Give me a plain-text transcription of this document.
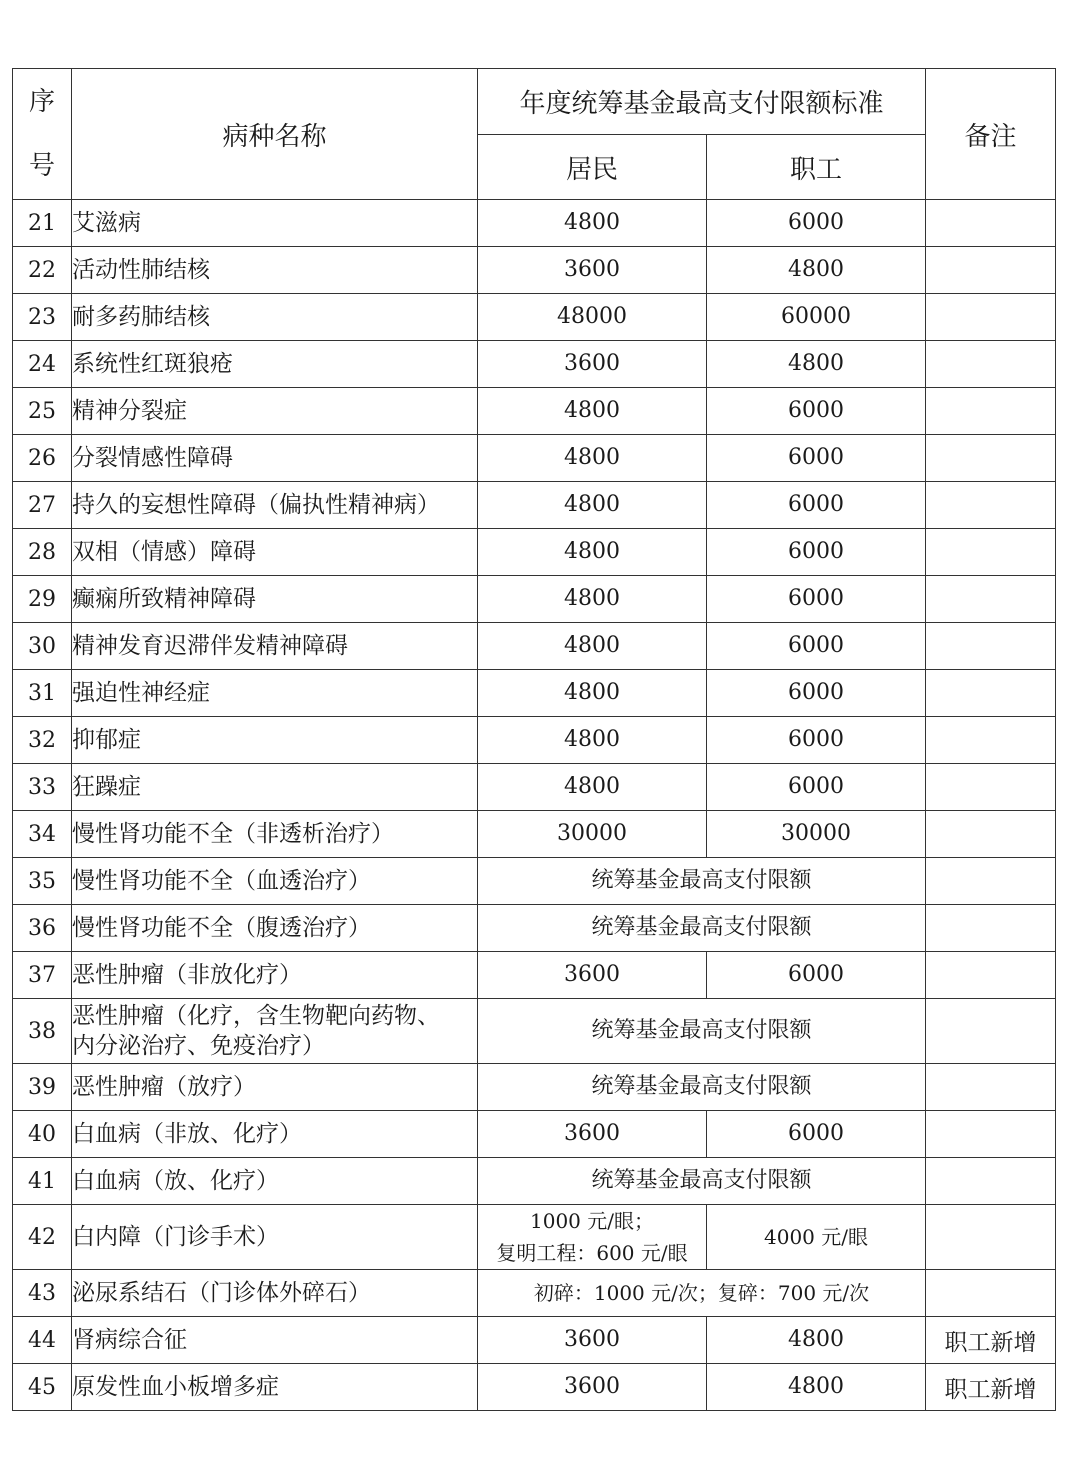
序
号	病种名称	年度统筹基金最高支付限额标准		备注
		居民	职工	
21	艾滋病	4800	6000	
22	活动性肺结核	3600	4800	
23	耐多药肺结核	48000	60000	
24	系统性红斑狼疮	3600	4800	
25	精神分裂症	4800	6000	
26	分裂情感性障碍	4800	6000	
27	持久的妄想性障碍（偏执性精神病）	4800	6000	
28	双相（情感）障碍	4800	6000	
29	癫痫所致精神障碍	4800	6000	
30	精神发育迟滞伴发精神障碍	4800	6000	
31	强迫性神经症	4800	6000	
32	抑郁症	4800	6000	
33	狂躁症	4800	6000	
34	慢性肾功能不全（非透析治疗）	30000	30000	
35	慢性肾功能不全（血透治疗）	统筹基金最高支付限额		
36	慢性肾功能不全（腹透治疗）	统筹基金最高支付限额		
37	恶性肿瘤（非放化疗）	3600	6000	
38	恶性肿瘤（化疗，含生物靶向药物、
内分泌治疗、免疫治疗）	统筹基金最高支付限额		
39	恶性肿瘤（放疗）	统筹基金最高支付限额		
40	白血病（非放、化疗）	3600	6000	
41	白血病（放、化疗）	统筹基金最高支付限额		
42	白内障（门诊手术）	1000 元/眼；
复明工程：600 元/眼	4000 元/眼	
43	泌尿系结石（门诊体外碎石）	初碎：1000 元/次；复碎：700 元/次		
44	肾病综合征	3600	4800	职工新增
45	原发性血小板增多症	3600	4800	职工新增
